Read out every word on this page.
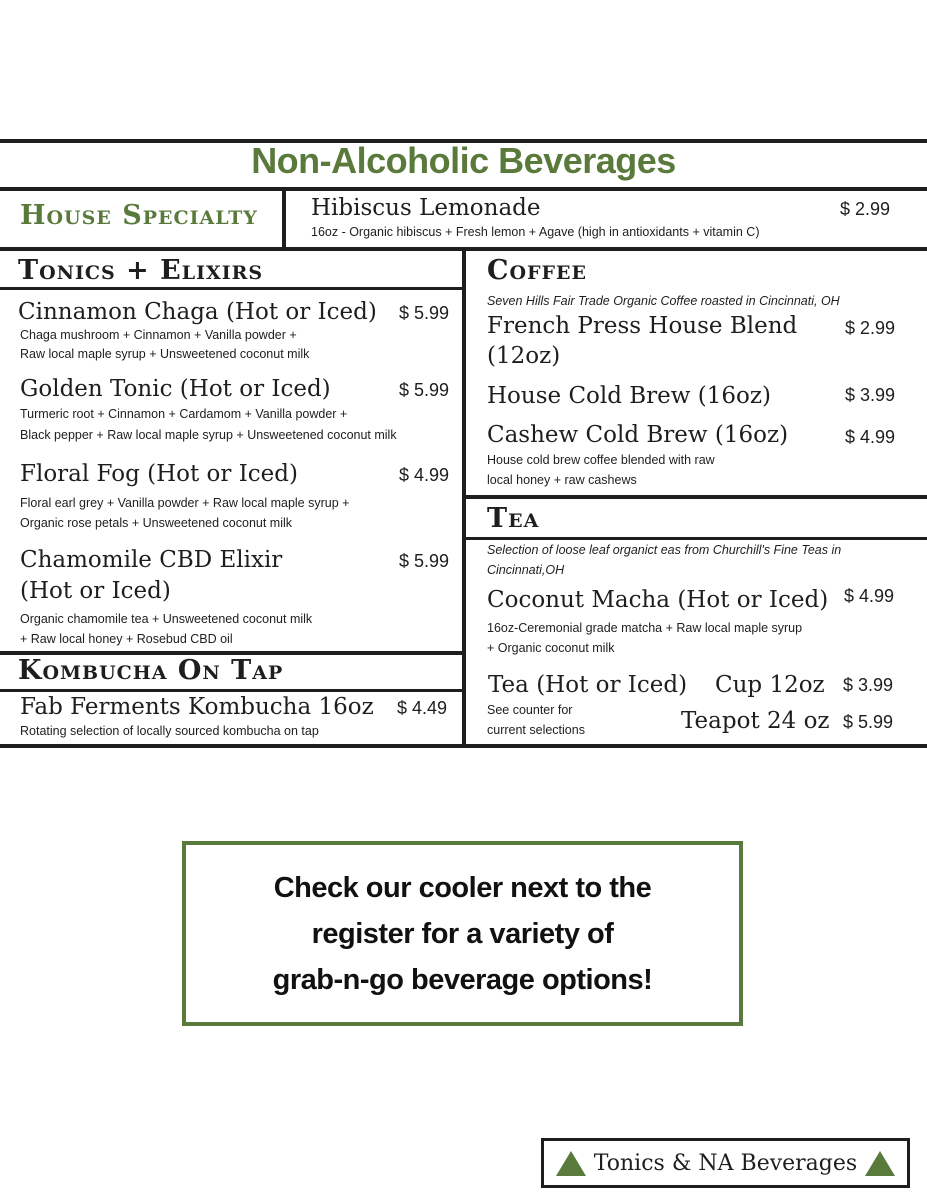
Non-Alcoholic Beverages
House Specialty Hibiscus Lemonade	$ 2.99
16oz - Organic hibiscus + Fresh lemon + Agave (high in antioxidants + vitamin C)
Tonics + Elixirs
Cinnamon Chaga (Hot or Iced) $ 5.99
Chaga mushroom + Cinnamon + Vanilla powder +
Raw local maple syrup + Unsweetened coconut milk
Golden Tonic (Hot or Iced)	$ 5.99
Turmeric root + Cinnamon + Cardamom + Vanilla powder +
Black pepper + Raw local maple syrup + Unsweetened coconut milk
Floral Fog (Hot or Iced)	$ 4.99
Floral earl grey + Vanilla powder + Raw local maple syrup +
Organic rose petals + Unsweetened coconut milk
Chamomile CBD Elixir
(Hot or Iced)
$ 5.99
Organic chamomile tea + Unsweetened coconut milk
+ Raw local honey + Rosebud CBD oil
Kombucha On Tap
Fab Ferments Kombucha 16oz $ 4.49
Rotating selection of locally sourced kombucha on tap
Coffee
Seven Hills Fair Trade Organic Coffee roasted in Cincinnati, OH
French Press House Blend
(12oz)
$ 2.99
House Cold Brew (16oz)	$ 3.99
Cashew Cold Brew (16oz)	$ 4.99
House cold brew coffee blended with raw
local honey + raw cashews
Tea
Selection of loose leaf organict eas from Churchill's Fine Teas in
Cincinnati,OH
Coconut Macha (Hot or Iced) $ 4.99
16oz-Ceremonial grade matcha + Raw local maple syrup
+ Organic coconut milk
Tea (Hot or Iced)
See counter for
current selections
Cup 12oz $ 3.99
Teapot 24 oz $ 5.99
Check our cooler next to the
register for a variety of
grab-n-go beverage options!
Tonics & NA Beverages
